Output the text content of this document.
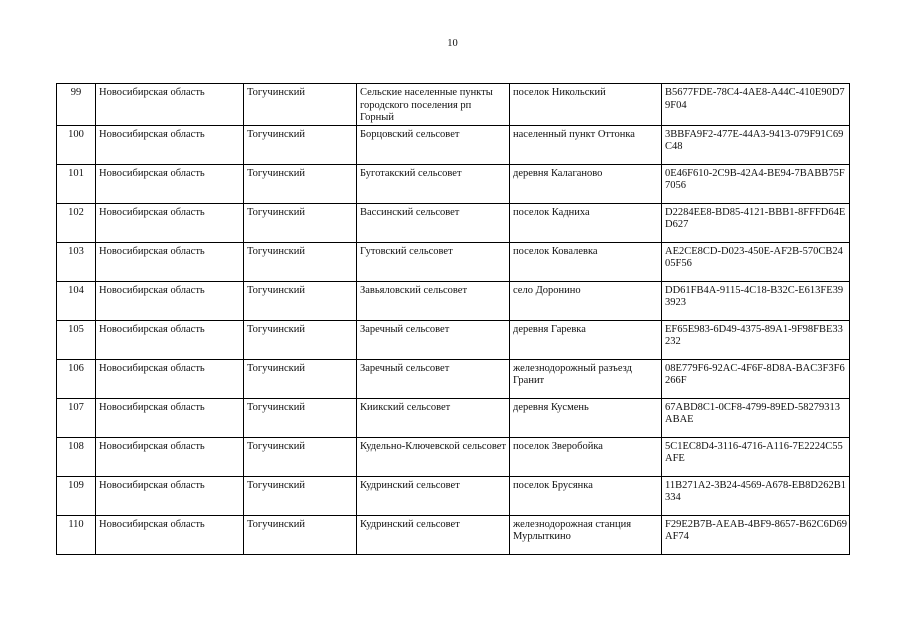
10
99	Новосибирская область	Тогучинский	Сельские населенные пункты городского поселения рп Горный	поселок Никольский	B5677FDE-78C4-4AE8-A44C-410E90D79F04
100	Новосибирская область	Тогучинский	Борцовский сельсовет	населенный пункт Оттонка	3BBFA9F2-477E-44A3-9413-079F91C69C48
101	Новосибирская область	Тогучинский	Буготакский сельсовет	деревня Калаганово	0E46F610-2C9B-42A4-BE94-7BABB75F7056
102	Новосибирская область	Тогучинский	Вассинский сельсовет	поселок Кадниха	D2284EE8-BD85-4121-BBB1-8FFFD64ED627
103	Новосибирская область	Тогучинский	Гутовский сельсовет	поселок Ковалевка	AE2CE8CD-D023-450E-AF2B-570CB2405F56
104	Новосибирская область	Тогучинский	Завьяловский сельсовет	село Доронино	DD61FB4A-9115-4C18-B32C-E613FE393923
105	Новосибирская область	Тогучинский	Заречный сельсовет	деревня Гаревка	EF65E983-6D49-4375-89A1-9F98FBE33232
106	Новосибирская область	Тогучинский	Заречный сельсовет	железнодорожный разъезд Гранит	08E779F6-92AC-4F6F-8D8A-BAC3F3F6266F
107	Новосибирская область	Тогучинский	Киикский сельсовет	деревня Кусмень	67ABD8C1-0CF8-4799-89ED-58279313ABAE
108	Новосибирская область	Тогучинский	Кудельно-Ключевской сельсовет	поселок Зверобойка	5C1EC8D4-3116-4716-A116-7E2224C55AFE
109	Новосибирская область	Тогучинский	Кудринский сельсовет	поселок Брусянка	11B271A2-3B24-4569-A678-EB8D262B1334
110	Новосибирская область	Тогучинский	Кудринский сельсовет	железнодорожная станция Мурлыткино	F29E2B7B-AEAB-4BF9-8657-B62C6D69AF74
